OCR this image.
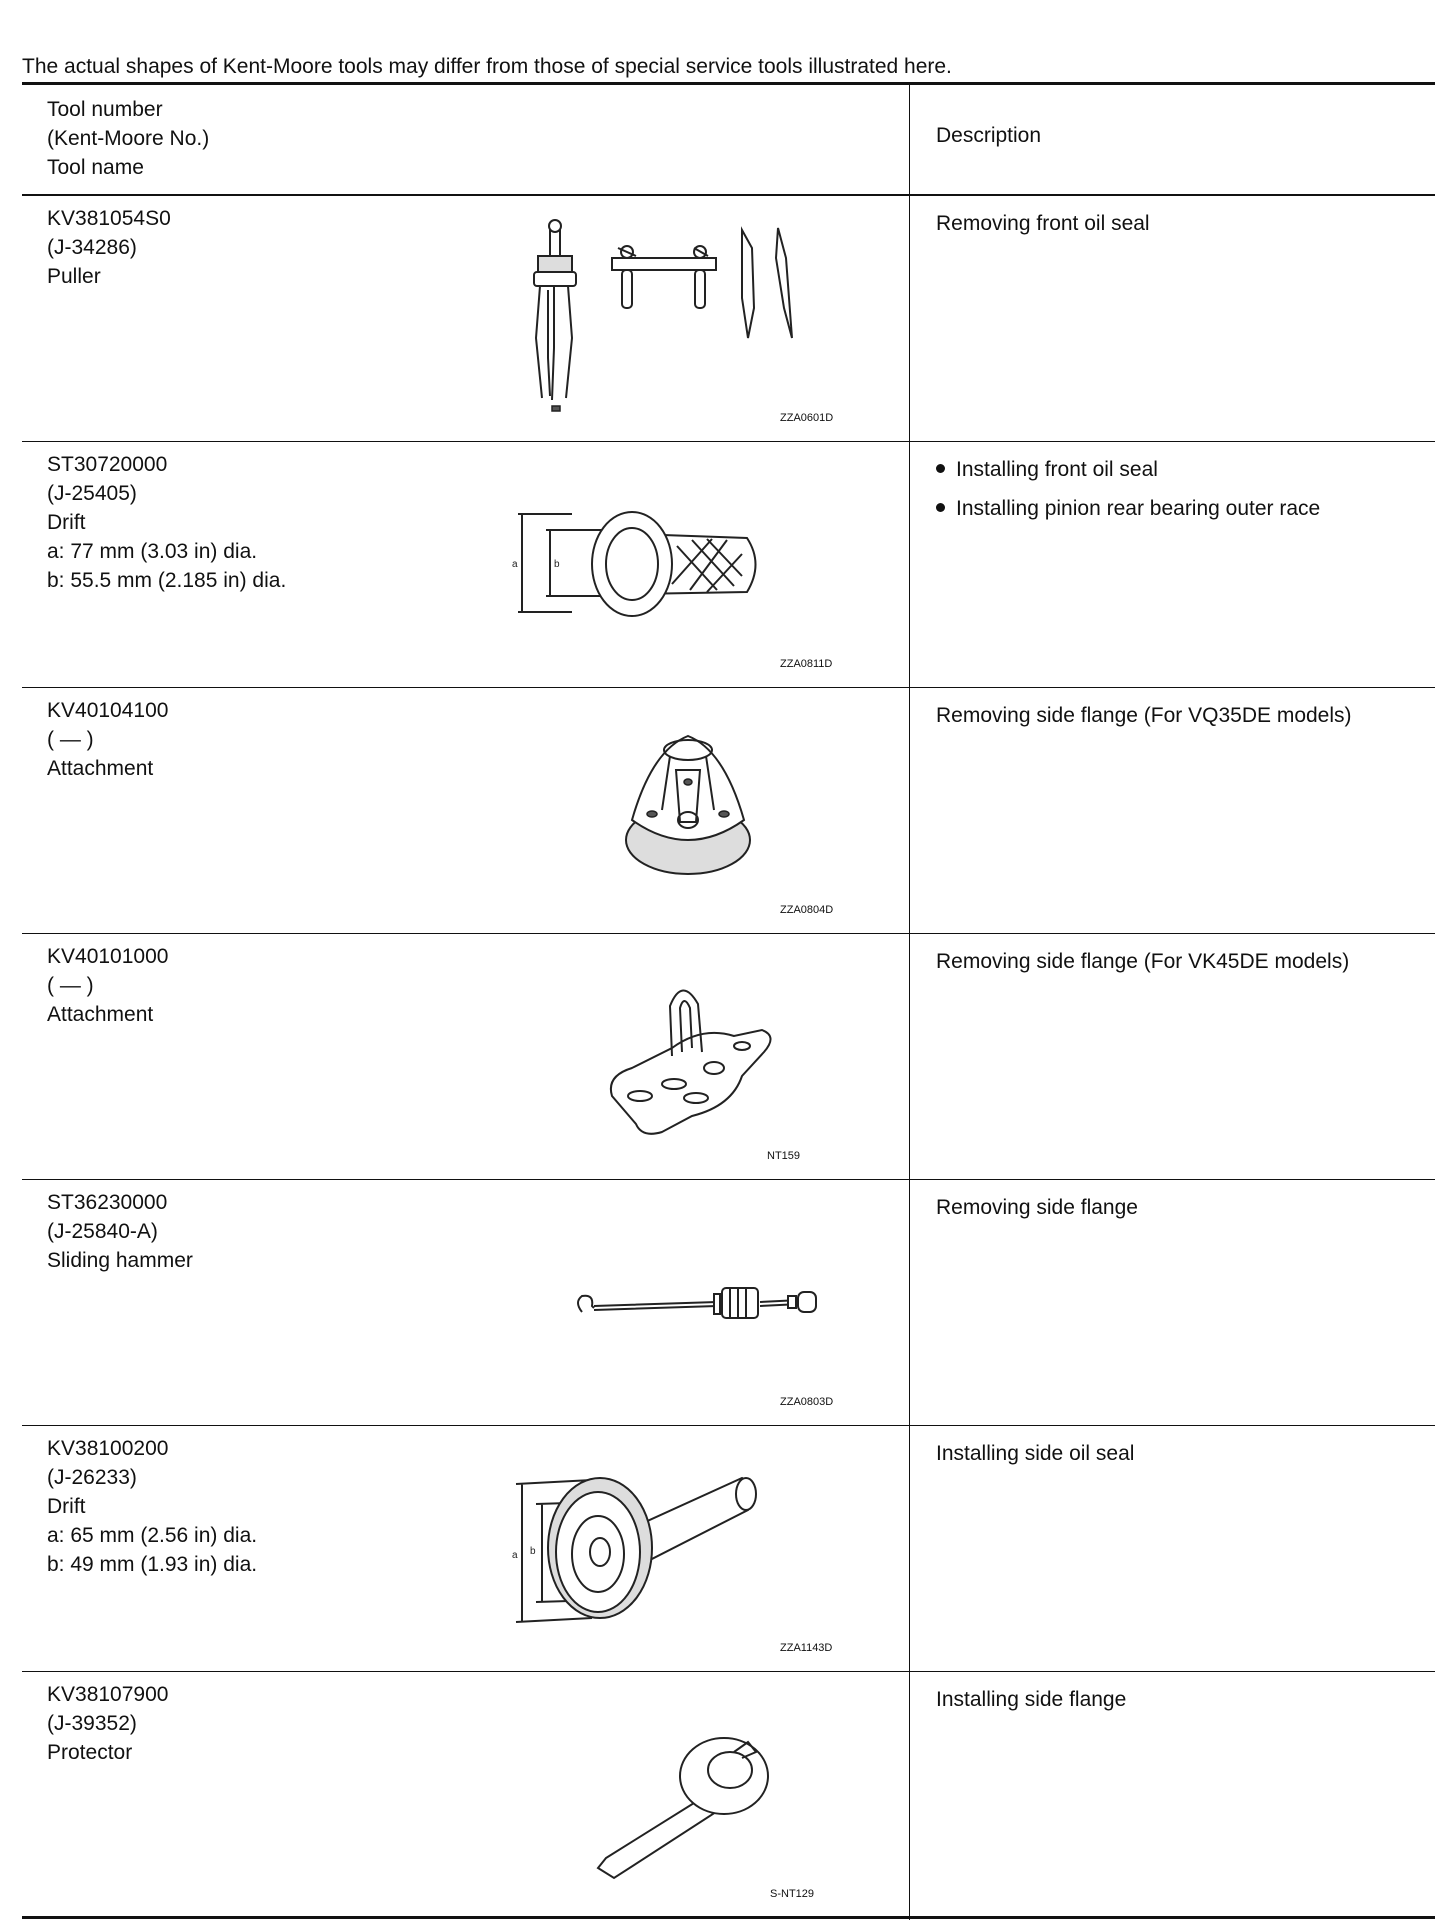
The actual shapes of Kent-Moore tools may differ from those of special service tools illustrated here.
Tool number
(Kent-Moore No.)
Tool name
Description
KV381054S0
(J-34286)
Puller
ZZA0601D
Removing front oil seal
ST30720000
(J-25405)
Drift
a: 77 mm (3.03 in) dia.
b: 55.5 mm (2.185 in) dia.
a	b
ZZA0811D
Installing front oil seal
Installing pinion rear bearing outer race
KV40104100
( — )
Attachment
ZZA0804D
Removing side flange (For VQ35DE models)
KV40101000
( — )
Attachment
NT159
Removing side flange (For VK45DE models)
ST36230000
(J-25840-A)
Sliding hammer
ZZA0803D
Removing side flange
KV38100200
(J-26233)
Drift
a: 65 mm (2.56 in) dia.
b: 49 mm (1.93 in) dia.	a b
ZZA1143D
Installing side oil seal
KV38107900
(J-39352)
Protector
S-NT129
Installing side flange
